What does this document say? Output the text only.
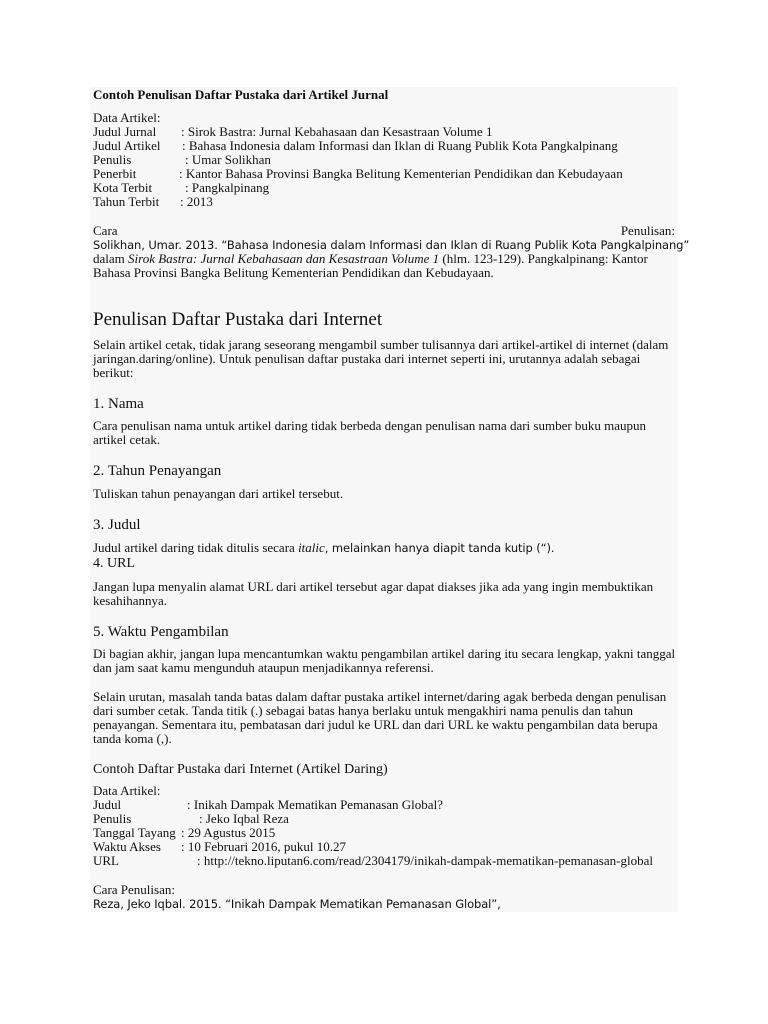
Contoh Penulisan Daftar Pustaka dari Artikel Jurnal
Data Artikel:
Judul Jurnal : Sirok Bastra: Jurnal Kebahasaan dan Kesastraan Volume 1
Judul Artikel : Bahasa Indonesia dalam Informasi dan Iklan di Ruang Publik Kota Pangkalpinang
Penulis	: Umar Solikhan
Penerbit	: Kantor Bahasa Provinsi Bangka Belitung Kementerian Pendidikan dan Kebudayaan
Kota Terbit	: Pangkalpinang
Tahun Terbit : 2013
Cara	Penulisan:
Solikhan, Umar. 2013. “Bahasa Indonesia dalam Informasi dan Iklan di Ruang Publik Kota Pangkalpinang”
dalam Sirok Bastra: Jurnal Kebahasaan dan Kesastraan Volume 1 (hlm. 123-129). Pangkalpinang: Kantor
Bahasa Provinsi Bangka Belitung Kementerian Pendidikan dan Kebudayaan.
Penulisan Daftar Pustaka dari Internet
Selain artikel cetak, tidak jarang seseorang mengambil sumber tulisannya dari artikel-artikel di internet (dalam
jaringan.daring/online). Untuk penulisan daftar pustaka dari internet seperti ini, urutannya adalah sebagai
berikut:
1. Nama
Cara penulisan nama untuk artikel daring tidak berbeda dengan penulisan nama dari sumber buku maupun
artikel cetak.
2. Tahun Penayangan
Tuliskan tahun penayangan dari artikel tersebut.
3. Judul
Judul artikel daring tidak ditulis secara italic, melainkan hanya diapit tanda kutip (“).
4. URL
Jangan lupa menyalin alamat URL dari artikel tersebut agar dapat diakses jika ada yang ingin membuktikan
kesahihannya.
5. Waktu Pengambilan
Di bagian akhir, jangan lupa mencantumkan waktu pengambilan artikel daring itu secara lengkap, yakni tanggal
dan jam saat kamu mengunduh ataupun menjadikannya referensi.
Selain urutan, masalah tanda batas dalam daftar pustaka artikel internet/daring agak berbeda dengan penulisan
dari sumber cetak. Tanda titik (.) sebagai batas hanya berlaku untuk mengakhiri nama penulis dan tahun
penayangan. Sementara itu, pembatasan dari judul ke URL dan dari URL ke waktu pengambilan data berupa
tanda koma (,).
Contoh Daftar Pustaka dari Internet (Artikel Daring)
Data Artikel:
Judul	: Inikah Dampak Mematikan Pemanasan Global?
Penulis	: Jeko Iqbal Reza
Tanggal Tayang : 29 Agustus 2015
Waktu Akses : 10 Februari 2016, pukul 10.27
URL	: http://tekno.liputan6.com/read/2304179/inikah-dampak-mematikan-pemanasan-global
Cara Penulisan:
Reza, Jeko Iqbal. 2015. “Inikah Dampak Mematikan Pemanasan Global”,
